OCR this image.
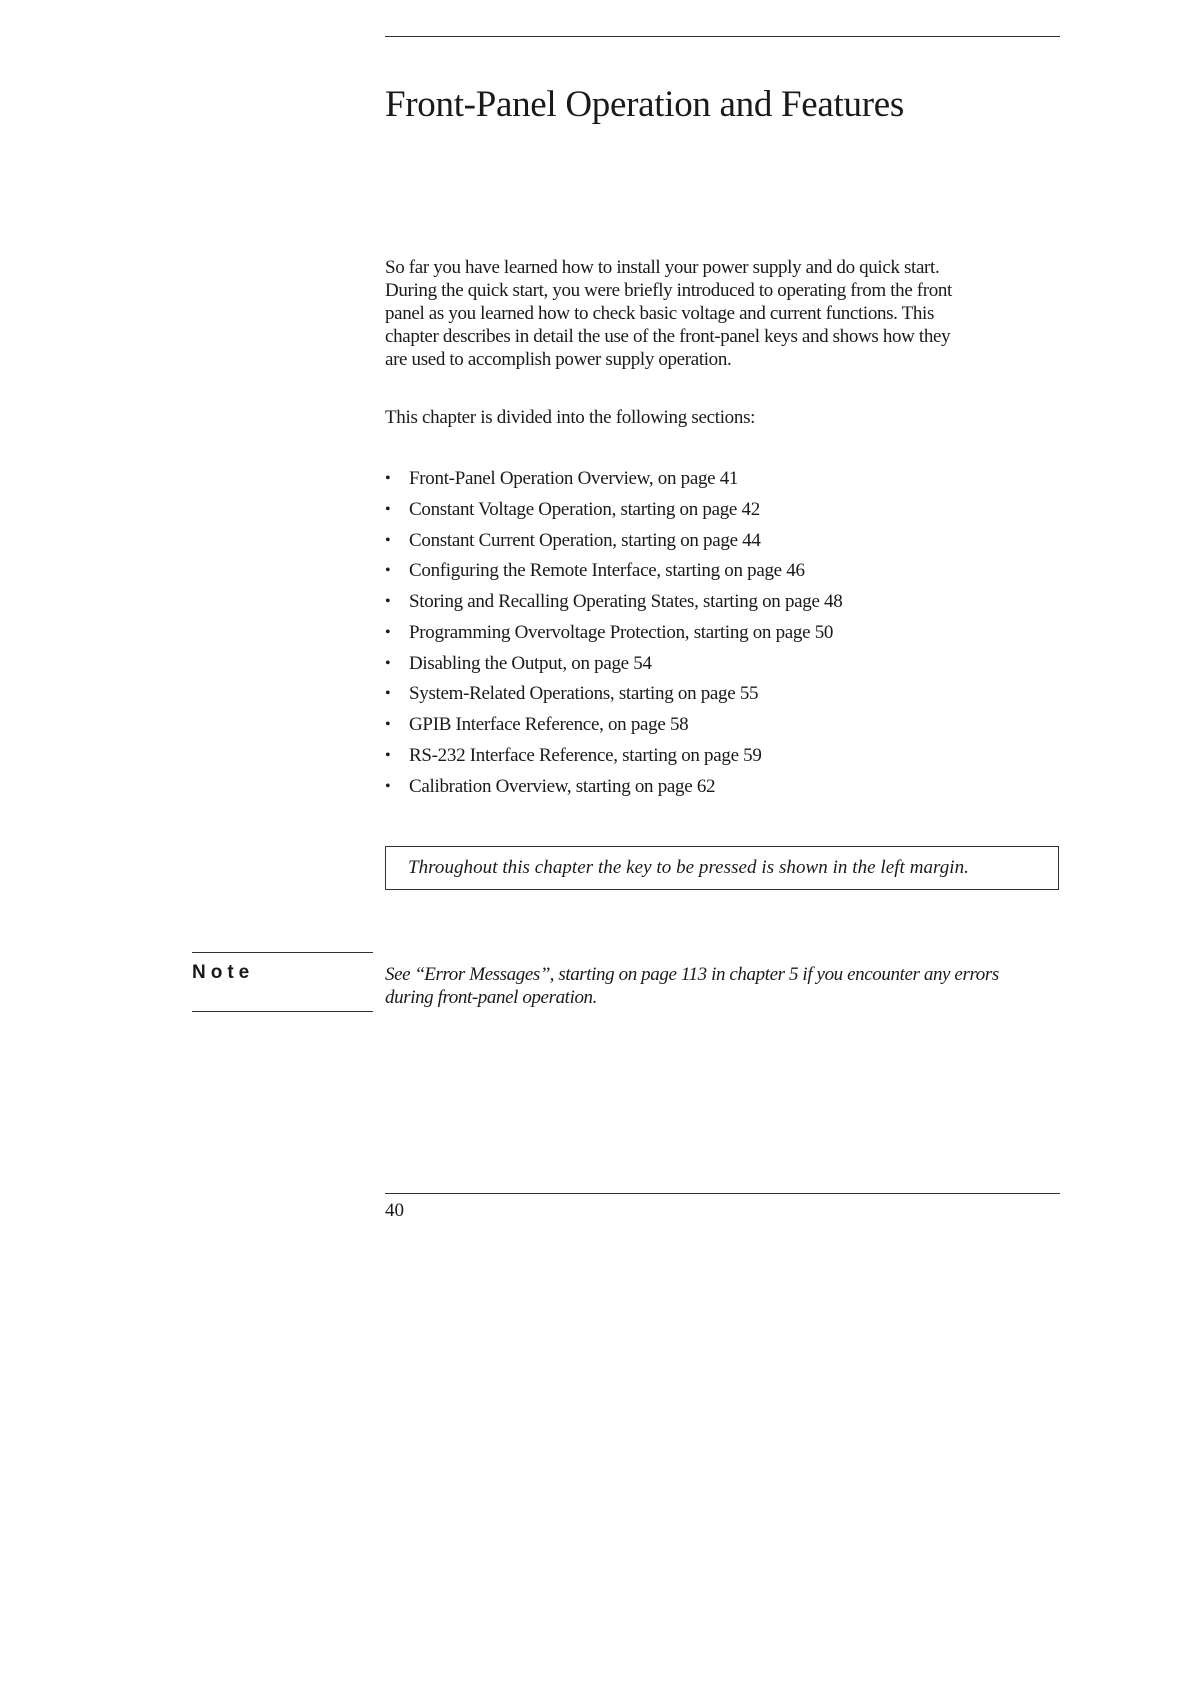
Front-Panel Operation and Features

So far you have learned how to install your power supply and do quick start.
During the quick start, you were briefly introduced to operating from the front
panel as you learned how to check basic voltage and current functions. This
chapter describes in detail the use of the front-panel keys and shows how they
are used to accomplish power supply operation.

This chapter is divided into the following sections:

• Front-Panel Operation Overview, on page 41
• Constant Voltage Operation, starting on page 42
• Constant Current Operation, starting on page 44
• Configuring the Remote Interface, starting on page 46
• Storing and Recalling Operating States, starting on page 48
• Programming Overvoltage Protection, starting on page 50
• Disabling the Output, on page 54
• System-Related Operations, starting on page 55
• GPIB Interface Reference, on page 58
• RS-232 Interface Reference, starting on page 59
• Calibration Overview, starting on page 62
Throughout this chapter the key to be pressed is shown in the left margin.
Note	See ‘‘Error Messages’’, starting on page 113 in chapter 5 if you encounter any errors
during front-panel operation.

40
